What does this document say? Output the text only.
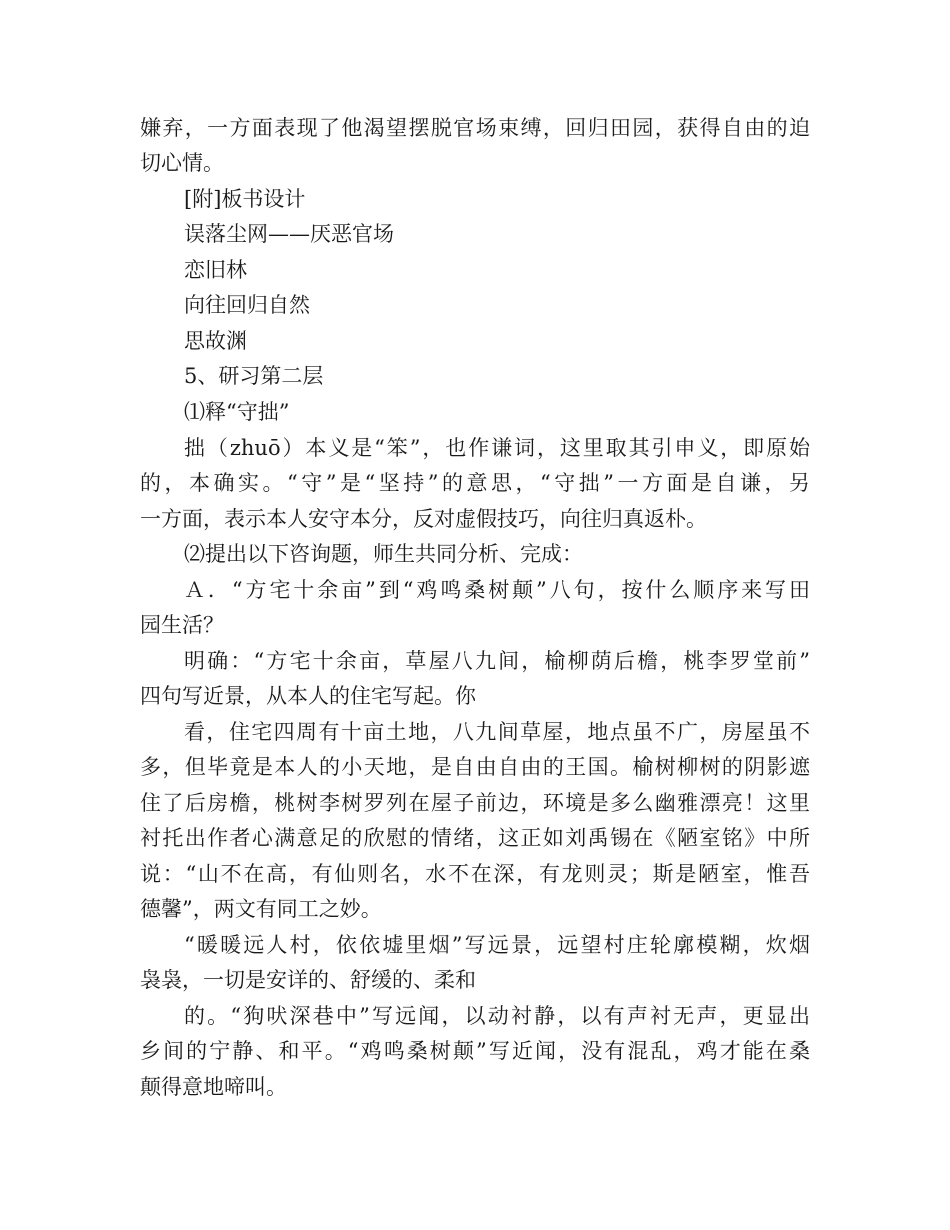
嫌弃，一方面表现了他渴望摆脱官场束缚，回归田园，获得自由的迫
切心情。
[附]板书设计
误落尘网——厌恶官场
恋旧林
向往回归自然
思故渊
5、研习第二层
⑴释“守拙”
拙（zhuō）本义是“笨”，也作谦词，这里取其引申义，即原始
的，本确实。“守”是“坚持”的意思，“守拙”一方面是自谦，另
一方面，表示本人安守本分，反对虚假技巧，向往归真返朴。
⑵提出以下咨询题，师生共同分析、完成：
Ａ．“方宅十余亩”到“鸡鸣桑树颠”八句，按什么顺序来写田
园生活？
明确：“方宅十余亩，草屋八九间，榆柳荫后檐，桃李罗堂前”
四句写近景，从本人的住宅写起。你
看，住宅四周有十亩土地，八九间草屋，地点虽不广，房屋虽不
多，但毕竟是本人的小天地，是自由自由的王国。榆树柳树的阴影遮
住了后房檐，桃树李树罗列在屋子前边，环境是多么幽雅漂亮！这里
衬托出作者心满意足的欣慰的情绪，这正如刘禹锡在《陋室铭》中所
说：“山不在高，有仙则名，水不在深，有龙则灵；斯是陋室，惟吾
德馨”，两文有同工之妙。
“暖暖远人村，依依墟里烟”写远景，远望村庄轮廓模糊，炊烟
袅袅，一切是安详的、舒缓的、柔和
的。“狗吠深巷中”写远闻，以动衬静，以有声衬无声，更显出
乡间的宁静、和平。“鸡鸣桑树颠”写近闻，没有混乱，鸡才能在桑
颠得意地啼叫。
